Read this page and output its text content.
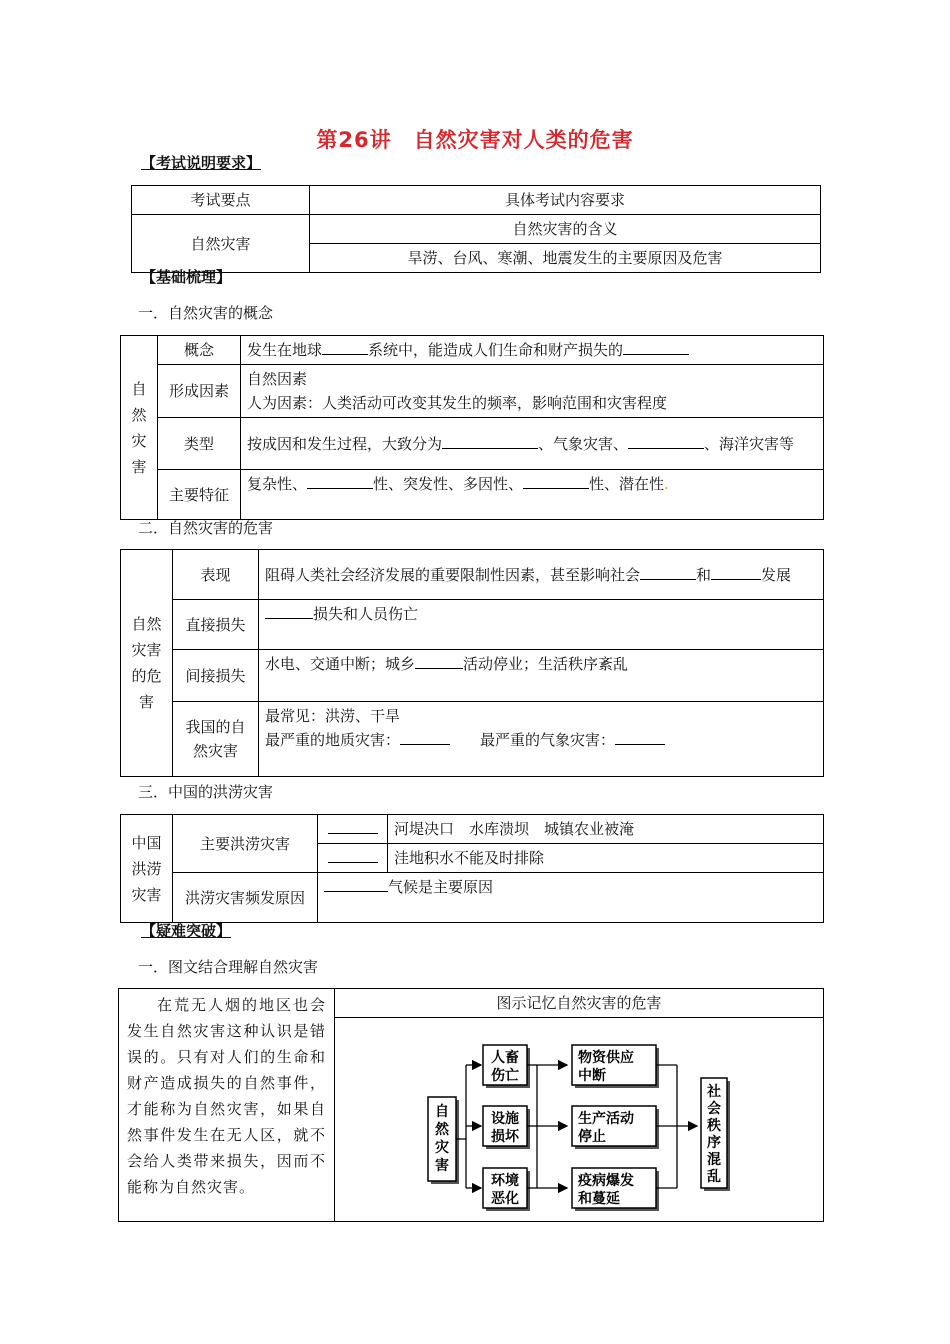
第26讲　自然灾害对人类的危害
【考试说明要求】
考试要点	具体考试内容要求
自然灾害	自然灾害的含义
	旱涝、台风、寒潮、地震发生的主要原因及危害
【基础梳理】
一．自然灾害的概念
自然灾害	概念	发生在地球 系统中，能造成人们生命和财产损失的
	形成因素	自然因素
人为因素：人类活动可改变其发生的频率，影响范围和灾害程度

	类型	按成因和发生过程，大致分为 、气象灾害、 、海洋灾害等
	主要特征	复杂性、 性、突发性、多因性、 性、潜在性.
二．自然灾害的危害
自然灾害的危害	表现	阻碍人类社会经济发展的重要限制性因素，甚至影响社会 和 发展
	直接损失	损失和人员伤亡
	间接损失	水电、交通中断；城乡 活动停业；生活秩序紊乱
	我国的自然灾害	最常见：洪涝、干旱
最严重的地质灾害：　　 最严重的气象灾害：
三．中国的洪涝灾害
中国洪涝灾害	主要洪涝灾害		河堤决口　水库溃坝　城镇农业被淹
			洼地积水不能及时排除
	洪涝灾害频发原因	气候是主要原因	
【疑难突破】
一．图文结合理解自然灾害
在荒无人烟的地区也会发生自然灾害这种认识是错误的。只有对人们的生命和财产造成损失的自然事件，才能称为自然灾害，如果自然事件发生在无人区，就不会给人类带来损失，因而不能称为自然灾害。
	图示记忆自然灾害的危害

自
然
灾
害
人畜
伤亡
设施
损坏
环境
恶化
物资供应
中断
生产活动
停止
疫病爆发
和蔓延
社
会
秩
序
混
乱
